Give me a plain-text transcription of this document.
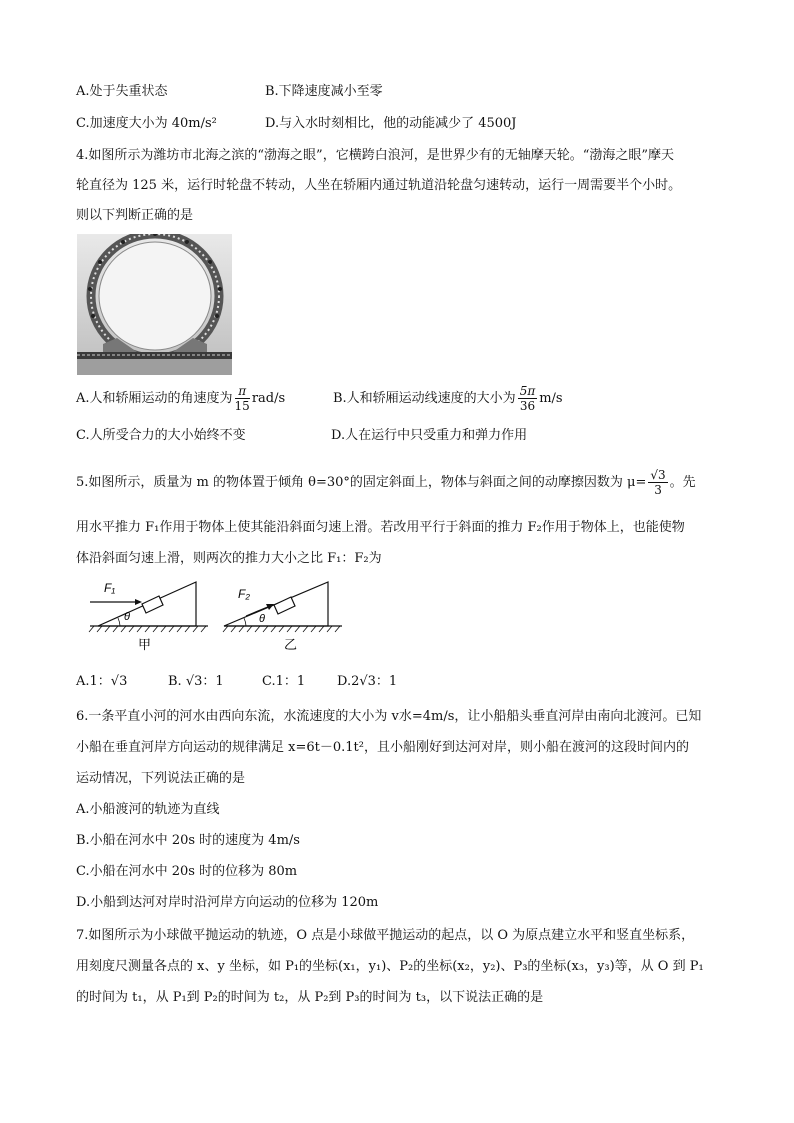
A.处于失重状态	B.下降速度减小至零
C.加速度大小为 40m/s²	D.与入水时刻相比，他的动能减少了 4500J
4.如图所示为潍坊市北海之滨的“渤海之眼”，它横跨白浪河，是世界少有的无轴摩天轮。“渤海之眼”摩天
轮直径为 125 米，运行时轮盘不转动，人坐在轿厢内通过轨道沿轮盘匀速转动，运行一周需要半个小时。
则以下判断正确的是
A.人和轿厢运动的角速度为 $\frac{\pi}{15} rad/s$	B.人和轿厢运动线速度的大小为 $\frac{5\pi}{36} m/s$
C.人所受合力的大小始终不变	D.人在运行中只受重力和弹力作用
5.如图所示，质量为 m 的物体置于倾角 θ=30°的固定斜面上，物体与斜面之间的动摩擦因数为 $\mu= \frac{√3}{3}$ 。先
用水平推力 F₁作用于物体上使其能沿斜面匀速上滑。若改用平行于斜面的推力 F₂作用于物体上，也能使物
体沿斜面匀速上滑，则两次的推力大小之比 F₁：F₂为
F₁
θ
甲
F₂
θ
乙
A.1：√3	B. √3：1	C.1：1 D.2√3：1
6.一条平直小河的河水由西向东流，水流速度的大小为 v水=4m/s，让小船船头垂直河岸由南向北渡河。已知
小船在垂直河岸方向运动的规律满足 x=6t－0.1t²，且小船刚好到达河对岸，则小船在渡河的这段时间内的
运动情况，下列说法正确的是
A.小船渡河的轨迹为直线
B.小船在河水中 20s 时的速度为 4m/s
C.小船在河水中 20s 时的位移为 80m
D.小船到达河对岸时沿河岸方向运动的位移为 120m
7.如图所示为小球做平抛运动的轨迹，O 点是小球做平抛运动的起点，以 O 为原点建立水平和竖直坐标系，
用刻度尺测量各点的 x、y 坐标，如 P₁的坐标(x₁，y₁)、P₂的坐标(x₂，y₂)、P₃的坐标(x₃，y₃)等，从 O 到 P₁
的时间为 t₁，从 P₁到 P₂的时间为 t₂，从 P₂到 P₃的时间为 t₃，以下说法正确的是
